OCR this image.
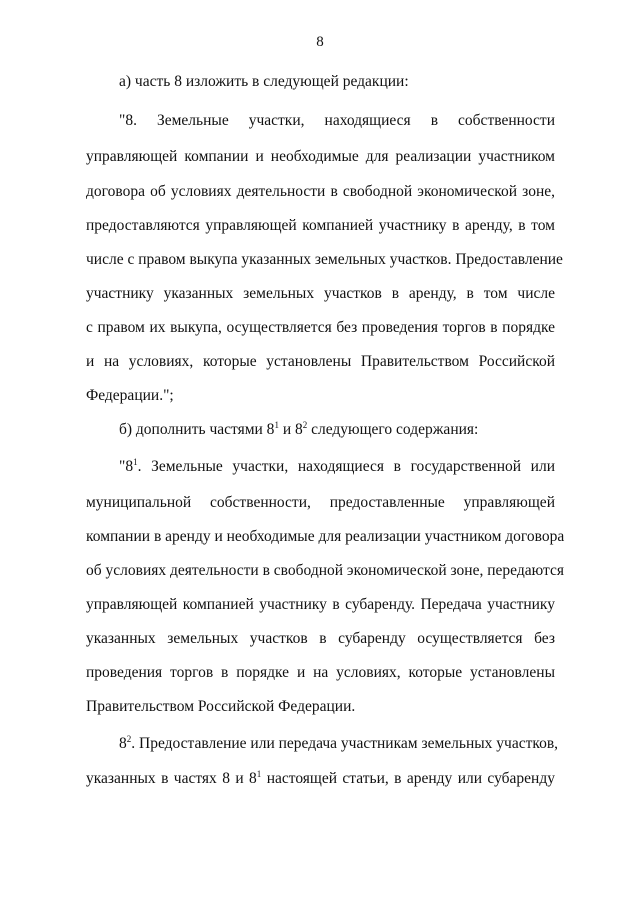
8
а) часть 8 изложить в следующей редакции:
"8. Земельные участки, находящиеся в собственности
управляющей компании и необходимые для реализации участником
договора об условиях деятельности в свободной экономической зоне,
предоставляются управляющей компанией участнику в аренду, в том
числе с правом выкупа указанных земельных участков. Предоставление
участнику указанных земельных участков в аренду, в том числе
с правом их выкупа, осуществляется без проведения торгов в порядке
и на условиях, которые установлены Правительством Российской
Федерации.";
б) дополнить частями $8^1$ и $8^2$ следующего содержания:
"$8^1$. Земельные участки, находящиеся в государственной или
муниципальной собственности, предоставленные управляющей
компании в аренду и необходимые для реализации участником договора
об условиях деятельности в свободной экономической зоне, передаются
управляющей компанией участнику в субаренду. Передача участнику
указанных земельных участков в субаренду осуществляется без
проведения торгов в порядке и на условиях, которые установлены
Правительством Российской Федерации.
$8^2$. Предоставление или передача участникам земельных участков,
указанных в частях 8 и $8^1$ настоящей статьи, в аренду или субаренду
